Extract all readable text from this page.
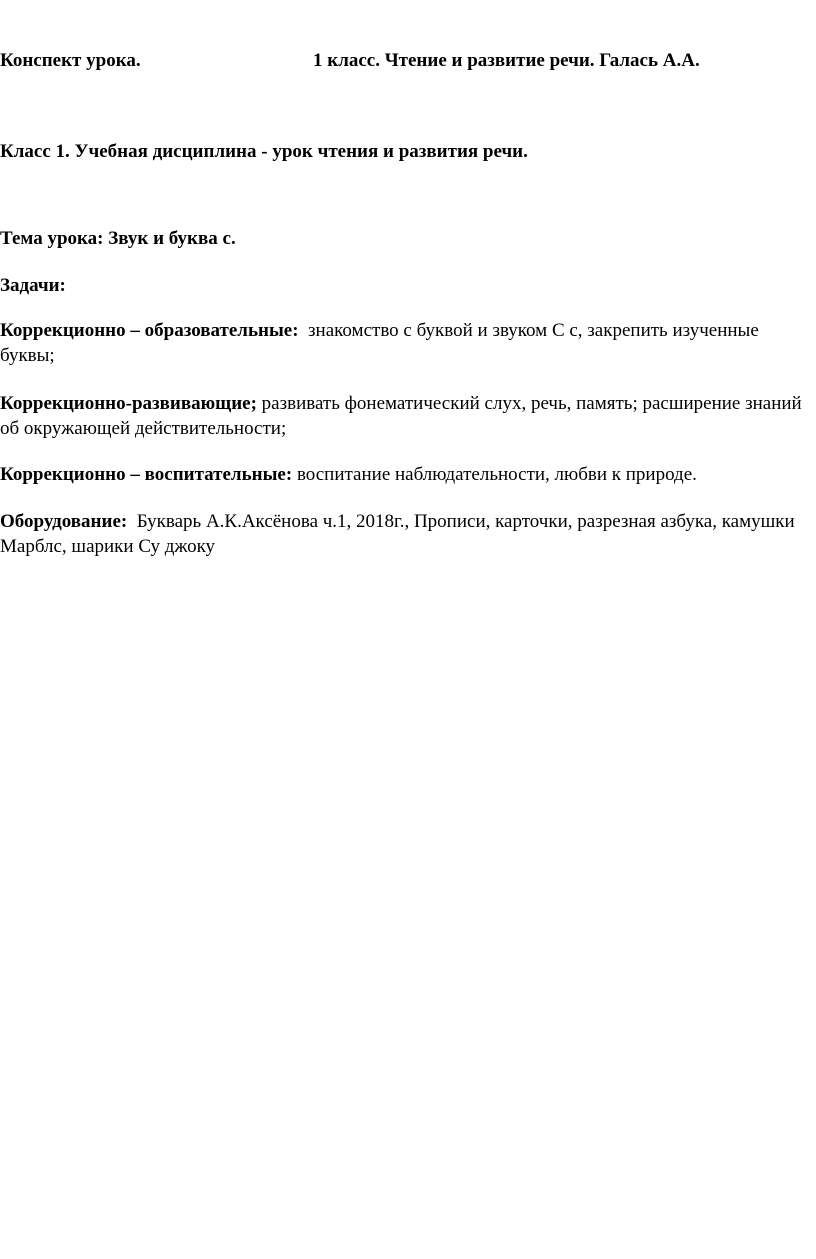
Конспект урока.	1 класс. Чтение и развитие речи. Галась А.А.
Класс 1. Учебная дисциплина - урок чтения и развития речи.
Тема урока: Звук и буква с.
Задачи:
Коррекционно – образовательные:  знакомство с буквой и звуком С с, закрепить изученные буквы;
Коррекционно-развивающие; развивать фонематический слух, речь, память; расширение знаний об окружающей действительности;
Коррекционно – воспитательные: воспитание наблюдательности, любви к природе.
Оборудование:  Букварь А.К.Аксёнова ч.1, 2018г., Прописи, карточки, разрезная азбука, камушки Марблс, шарики Су джоку
